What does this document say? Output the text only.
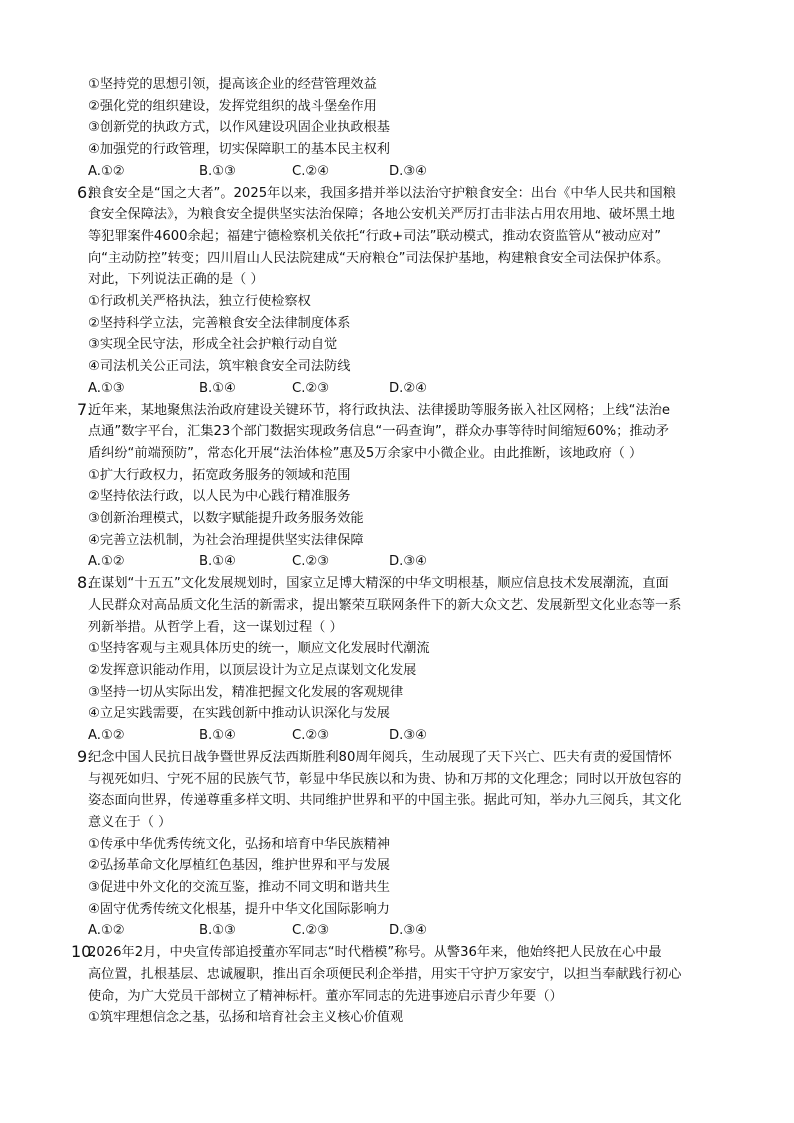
①坚持党的思想引领，提高该企业的经营管理效益
②强化党的组织建设，发挥党组织的战斗堡垒作用
③创新党的执政方式，以作风建设巩固企业执政根基
④加强党的行政管理，切实保障职工的基本民主权利
A.①②	B.①③	C.②④	D.③④
6.
粮食安全是“国之大者”。2025年以来，我国多措并举以法治守护粮食安全：出台《中华人民共和国粮
食安全保障法》，为粮食安全提供坚实法治保障；各地公安机关严厉打击非法占用农用地、破坏黑土地
等犯罪案件4600余起；福建宁德检察机关依托“行政+司法”联动模式，推动农资监管从“被动应对”
向“主动防控”转变；四川眉山人民法院建成“天府粮仓”司法保护基地，构建粮食安全司法保护体系。
对此，下列说法正确的是（ ）
①行政机关严格执法，独立行使检察权
②坚持科学立法，完善粮食安全法律制度体系
③实现全民守法，形成全社会护粮行动自觉
④司法机关公正司法，筑牢粮食安全司法防线
A.①③	B.①④	C.②③	D.②④
7.
近年来，某地聚焦法治政府建设关键环节，将行政执法、法律援助等服务嵌入社区网格；上线“法治e
点通”数字平台，汇集23个部门数据实现政务信息“一码查询”，群众办事等待时间缩短60%；推动矛
盾纠纷“前端预防”，常态化开展“法治体检”惠及5万余家中小微企业。由此推断，该地政府（ ）
①扩大行政权力，拓宽政务服务的领域和范围
②坚持依法行政，以人民为中心践行精准服务
③创新治理模式，以数字赋能提升政务服务效能
④完善立法机制，为社会治理提供坚实法律保障
A.①②	B.①④	C.②③	D.③④
8.
在谋划“十五五”文化发展规划时，国家立足博大精深的中华文明根基，顺应信息技术发展潮流，直面
人民群众对高品质文化生活的新需求，提出繁荣互联网条件下的新大众文艺、发展新型文化业态等一系
列新举措。从哲学上看，这一谋划过程（ ）
①坚持客观与主观具体历史的统一，顺应文化发展时代潮流
②发挥意识能动作用，以顶层设计为立足点谋划文化发展
③坚持一切从实际出发，精准把握文化发展的客观规律
④立足实践需要，在实践创新中推动认识深化与发展
A.①②	B.①④	C.②③	D.③④
9.
纪念中国人民抗日战争暨世界反法西斯胜利80周年阅兵，生动展现了天下兴亡、匹夫有责的爱国情怀
与视死如归、宁死不屈的民族气节，彰显中华民族以和为贵、协和万邦的文化理念；同时以开放包容的
姿态面向世界，传递尊重多样文明、共同维护世界和平的中国主张。据此可知，举办九三阅兵，其文化
意义在于（ ）
①传承中华优秀传统文化，弘扬和培育中华民族精神
②弘扬革命文化厚植红色基因，维护世界和平与发展
③促进中外文化的交流互鉴，推动不同文明和谐共生
④固守优秀传统文化根基，提升中华文化国际影响力
A.①②	B.①③	C.②③	D.③④
10.
2026年2月，中央宣传部追授董亦军同志“时代楷模”称号。从警36年来，他始终把人民放在心中最
高位置，扎根基层、忠诚履职，推出百余项便民利企举措，用实干守护万家安宁，以担当奉献践行初心
使命，为广大党员干部树立了精神标杆。董亦军同志的先进事迹启示青少年要（）
①筑牢理想信念之基，弘扬和培育社会主义核心价值观
